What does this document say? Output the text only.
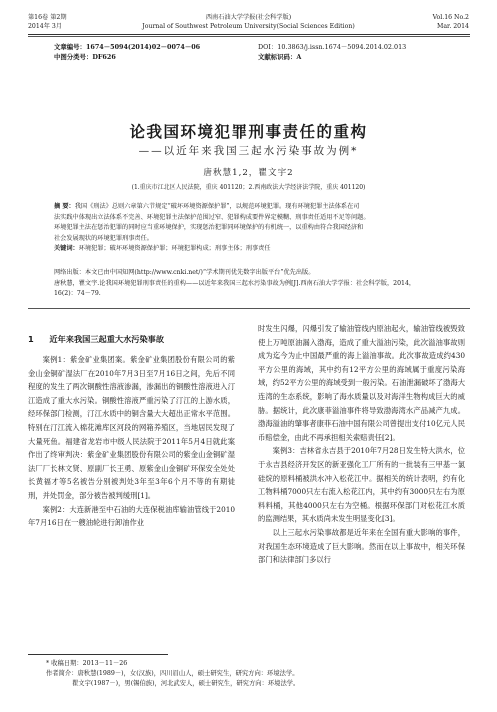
第16卷 第2期
2014年 3月
西南石油大学学报(社会科学版)
Journal of Southwest Petroleum University(Social Sciences Edition)
Vol.16 No.2
Mar. 2014
文章编号：1674－5094(2014)02－0074－06
中图分类号：DF626
DOI：10.3863/j.issn.1674－5094.2014.02.013
文献标识码：A
论我国环境犯罪刑事责任的重构
——以近年来我国三起水污染事故为例*
唐秋慧1,2，瞿文宇2
(1.重庆市江北区人民法院，重庆 401120；2.西南政法大学经济法学院，重庆 401120)
摘 要：我国《刑法》总则六章第六节规定“破坏环境资源保护罪”，以规范环境犯罪。现有环境犯罪主法体系在司
法实践中体现出立法体系不完善、环境犯罪主法保护范围过窄、犯罪构成要件界定模糊、刑事责任适用不足等问题。
环境犯罪主法在惩治犯罪的同时应当重环境保护，实现惩治犯罪同环境保护的有机统一，以重构由符合我国经济和
社会发展现状的环境犯罪刑事责任。
关键词：环境犯罪；破坏环境资源保护罪；环境犯罪构成；刑事主体；刑事责任
网络出版：本文已由中国知网(http://www.cnki.net/)“学术期刊优先数字出版平台”优先出版。
唐秋慧，瞿文宇.论我国环境犯罪刑事责任的重构——以近年来我国三起水污染事故为例[J].西南石油大学学报：社会科学版，2014，
16(2)：74－79.
1 近年来我国三起重大水污染事故

案例1：紫金矿业集团案。紫金矿业集团股份有限公司的紫金山金铜矿湿法厂在2010年7月3日至7月16日之间，先后不同程度的发生了两次铜酸性溶液渗漏，渗漏出的铜酸性溶液进入汀江造成了重大水污染。铜酸性溶液严重污染了汀江的上游水质，经环保部门检测，汀江水质中的铜含量大大超出正常水平范围。特别在汀江流入棉花滩库区河段的网箱养殖区，当地居民发现了大量死鱼。福建省龙岩市中级人民法院于2011年5月4日就此案作出了终审判决：紫金矿业集团股份有限公司的紫金山金铜矿湿法厂厂长林文贤、原副厂长王勇、原紫金山金铜矿环保安全处处长黄福才等5名被告分别被判处3年至3年6个月不等的有期徒刑，并处罚金，部分被告被判缓刑[1]。

案例2：大连新港至中石油的大连保税油库输油管线于2010年7月16日在一艘油轮进行卸油作业

时发生闪爆，闪爆引发了输油管线内原油起火，输油管线被毁致使上万吨原油漏入渤海，造成了重大溢油污染，此次溢油事故则成为迄今为止中国最严重的海上溢油事故。此次事故造成约430平方公里的海域，其中约有12平方公里的海域属于重度污染海域，约52平方公里的海域受到一般污染。石油泄漏破坏了渤海大连湾的生态系统，影响了海水质量以及对海洋生物构成巨大的威胁。据统计，此次康菲溢油事件将导致渤海湾水产品减产九成。渤海溢油的肇事者康菲石油中国有限公司曾提出支付10亿元人民币赔偿金，由此不再承担相关索赔责任[2]。

案例3：吉林省永吉县于2010年7月28日发生特大洪水，位于永吉县经济开发区的新亚强化工厂所有的一批装有三甲基一氯硅烷的原料桶被洪水冲入松花江中。据相关的统计表明，约有化工物料桶7000只左右流入松花江内，其中约有3000只左右为原料料桶，其他4000只左右为空桶。根据环保部门对松花江水质的监测结果，其水质尚未发生明显变化[3]。

以上三起水污染事故都是近年来在全国有重大影响的事件，对我国生态环境造成了巨大影响。然而在以上事故中，相关环保部门和法律部门多以行

* 收稿日期：2013－11－26
作者简介：唐秋慧(1989－)，女(汉族)，四川眉山人，硕士研究生，研究方向：环境法学。
瞿文宇(1987－)，男(锡伯族)，河北武安人，硕士研究生，研究方向：环境法学。
